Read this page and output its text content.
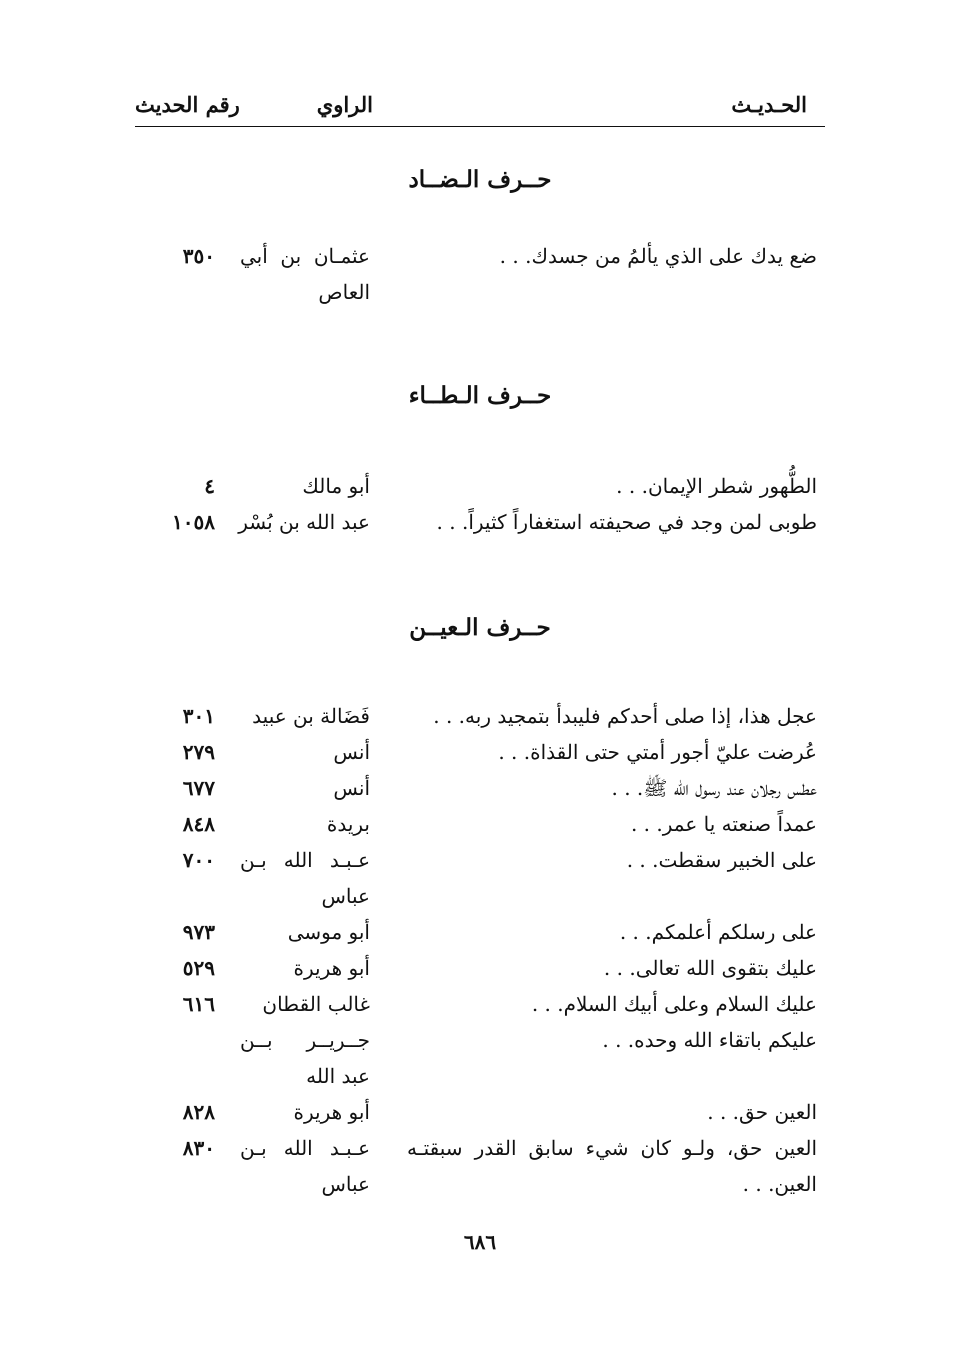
الحـديـث
الراوي
رقم الحديث
حــرف الـضــاد
ضع يدك على الذي يألمُ من جسدك. . .
عثمـان بن أبي
٣٥٠
العاص
حــرف الـطــاء
الطُّهور شطر الإيمان. . .
أبو مالك
٤
طوبى لمن وجد في صحيفته استغفاراً كثيراً. . .
عبد الله بن بُسْر
١٠٥٨
حــرف الـعيــن
عجل هذا، إذا صلى أحدكم فليبدأ بتمجيد ربه. . .
فَضَالة بن عبيد
٣٠١
عُرضت عليّ أجور أمتي حتى القذاة. . .
أنس
٢٧٩
عطس رجلان عند رسول الله ﷺ. . .
أنس
٦٧٧
عمداً صنعته يا عمر. . .
بريدة
٨٤٨
على الخبير سقطت. . .
عـبـد الله بـن
٧٠٠
عباس
على رسلكم أعلمكم. . .
أبو موسى
٩٧٣
عليك بتقوى الله تعالى. . .
أبو هريرة
٥٢٩
عليك السلام وعلى أبيك السلام. . .
غالب القطان
٦١٦
عليكم باتقاء الله وحده. . .
جــريــر بــن
عبد الله
العين حق. . .
أبو هريرة
٨٢٨
العين حق، ولـو كان شيء سابق القدر سبقتـه
عـبـد الله بـن
٨٣٠
العين. . .
عباس
٦٨٦
